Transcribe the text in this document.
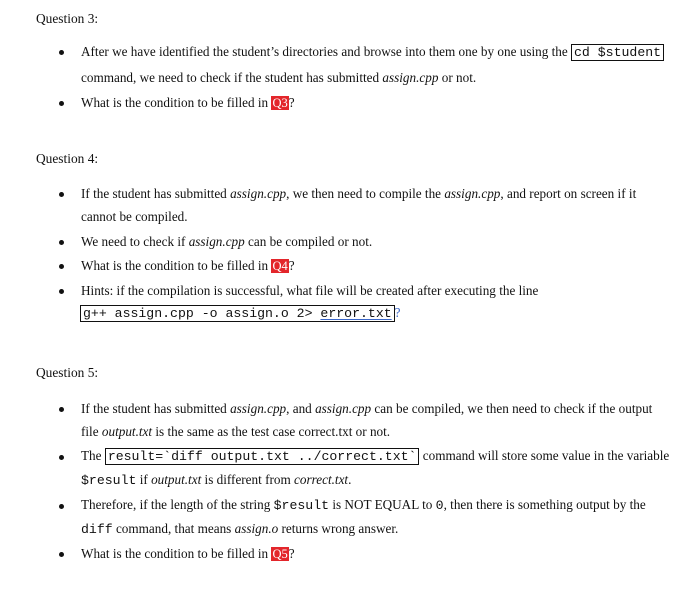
Question 3:
After we have identified the student’s directories and browse into them one by one using the cd $student
command, we need to check if the student has submitted assign.cpp or not.
What is the condition to be filled in Q3?
Question 4:
If the student has submitted assign.cpp, we then need to compile the assign.cpp, and report on screen if it
cannot be compiled.
We need to check if assign.cpp can be compiled or not.
What is the condition to be filled in Q4?
Hints: if the compilation is successful, what file will be created after executing the line
g++ assign.cpp -o assign.o 2> error.txt ?
Question 5:
If the student has submitted assign.cpp, and assign.cpp can be compiled, we then need to check if the output
file output.txt is the same as the test case correct.txt or not.
The result=`diff output.txt ../correct.txt` command will store some value in the variable
$result if output.txt is different from correct.txt.
Therefore, if the length of the string $result is NOT EQUAL to 0, then there is something output by the
diff command, that means assign.o returns wrong answer.
What is the condition to be filled in Q5?
